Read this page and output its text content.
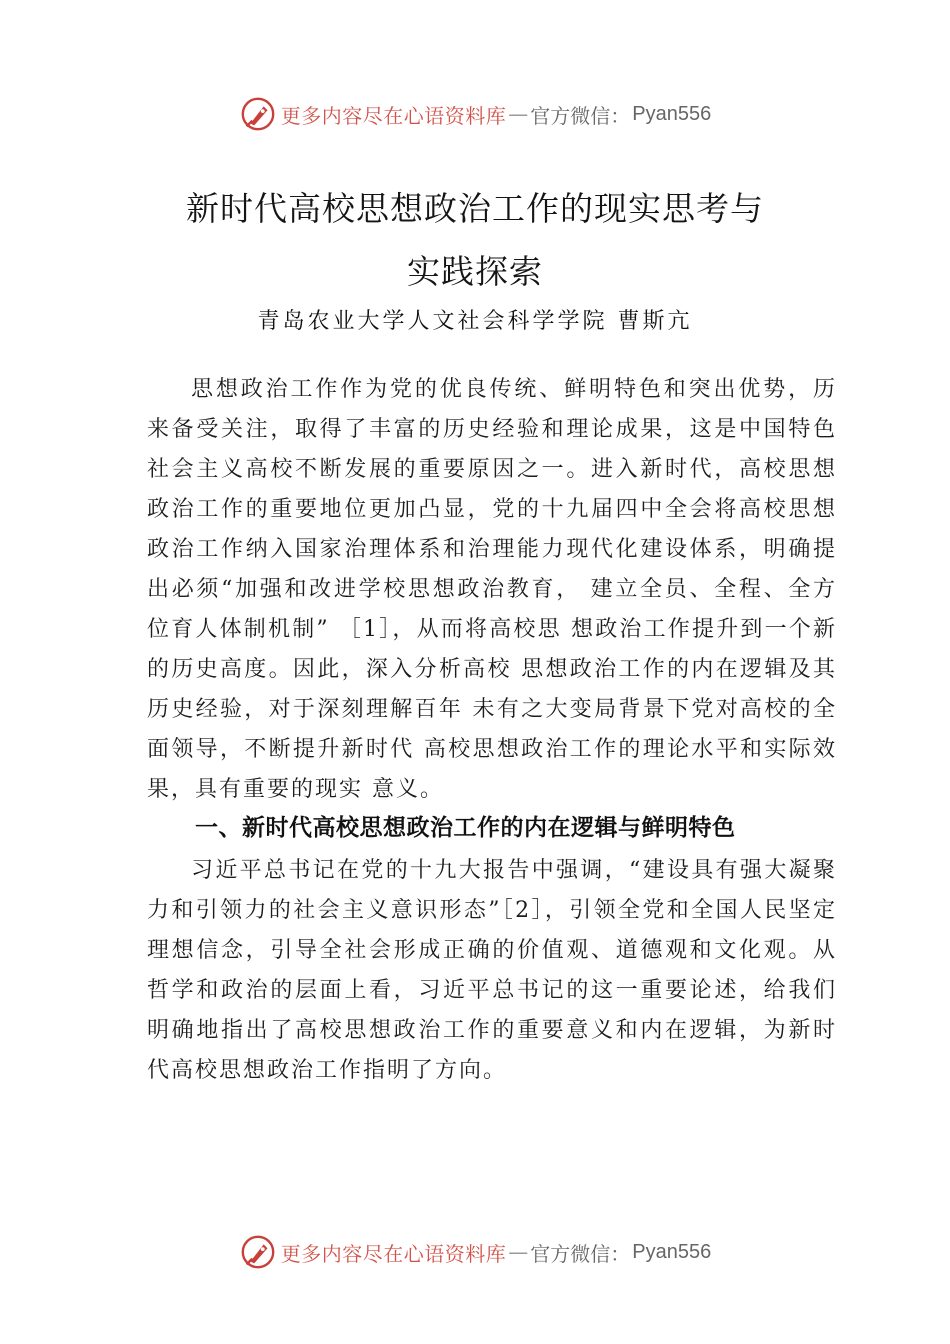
更多内容尽在心语资料库 — 官方微信： Pyan556
新时代高校思想政治工作的现实思考与
实践探索
青岛农业大学人文社会科学学院 曹斯亢
思想政治工作作为党的优良传统、鲜明特色和突出优势，历来备受关注，取得了丰富的历史经验和理论成果，这是中国特色社会主义高校不断发展的重要原因之一。进入新时代，高校思想政治工作的重要地位更加凸显，党的十九届四中全会将高校思想政治工作纳入国家治理体系和治理能力现代化建设体系，明确提出必须“加强和改进学校思想政治教育， 建立全员、全程、全方位育人体制机制” ［1］，从而将高校思 想政治工作提升到一个新的历史高度。因此，深入分析高校 思想政治工作的内在逻辑及其历史经验，对于深刻理解百年 未有之大变局背景下党对高校的全面领导，不断提升新时代 高校思想政治工作的理论水平和实际效果，具有重要的现实 意义。
一、新时代高校思想政治工作的内在逻辑与鲜明特色
习近平总书记在党的十九大报告中强调，“建设具有强大凝聚力和引领力的社会主义意识形态”［2］，引领全党和全国人民坚定理想信念，引导全社会形成正确的价值观、道德观和文化观。从哲学和政治的层面上看，习近平总书记的这一重要论述，给我们明确地指出了高校思想政治工作的重要意义和内在逻辑，为新时代高校思想政治工作指明了方向。
更多内容尽在心语资料库 — 官方微信： Pyan556
